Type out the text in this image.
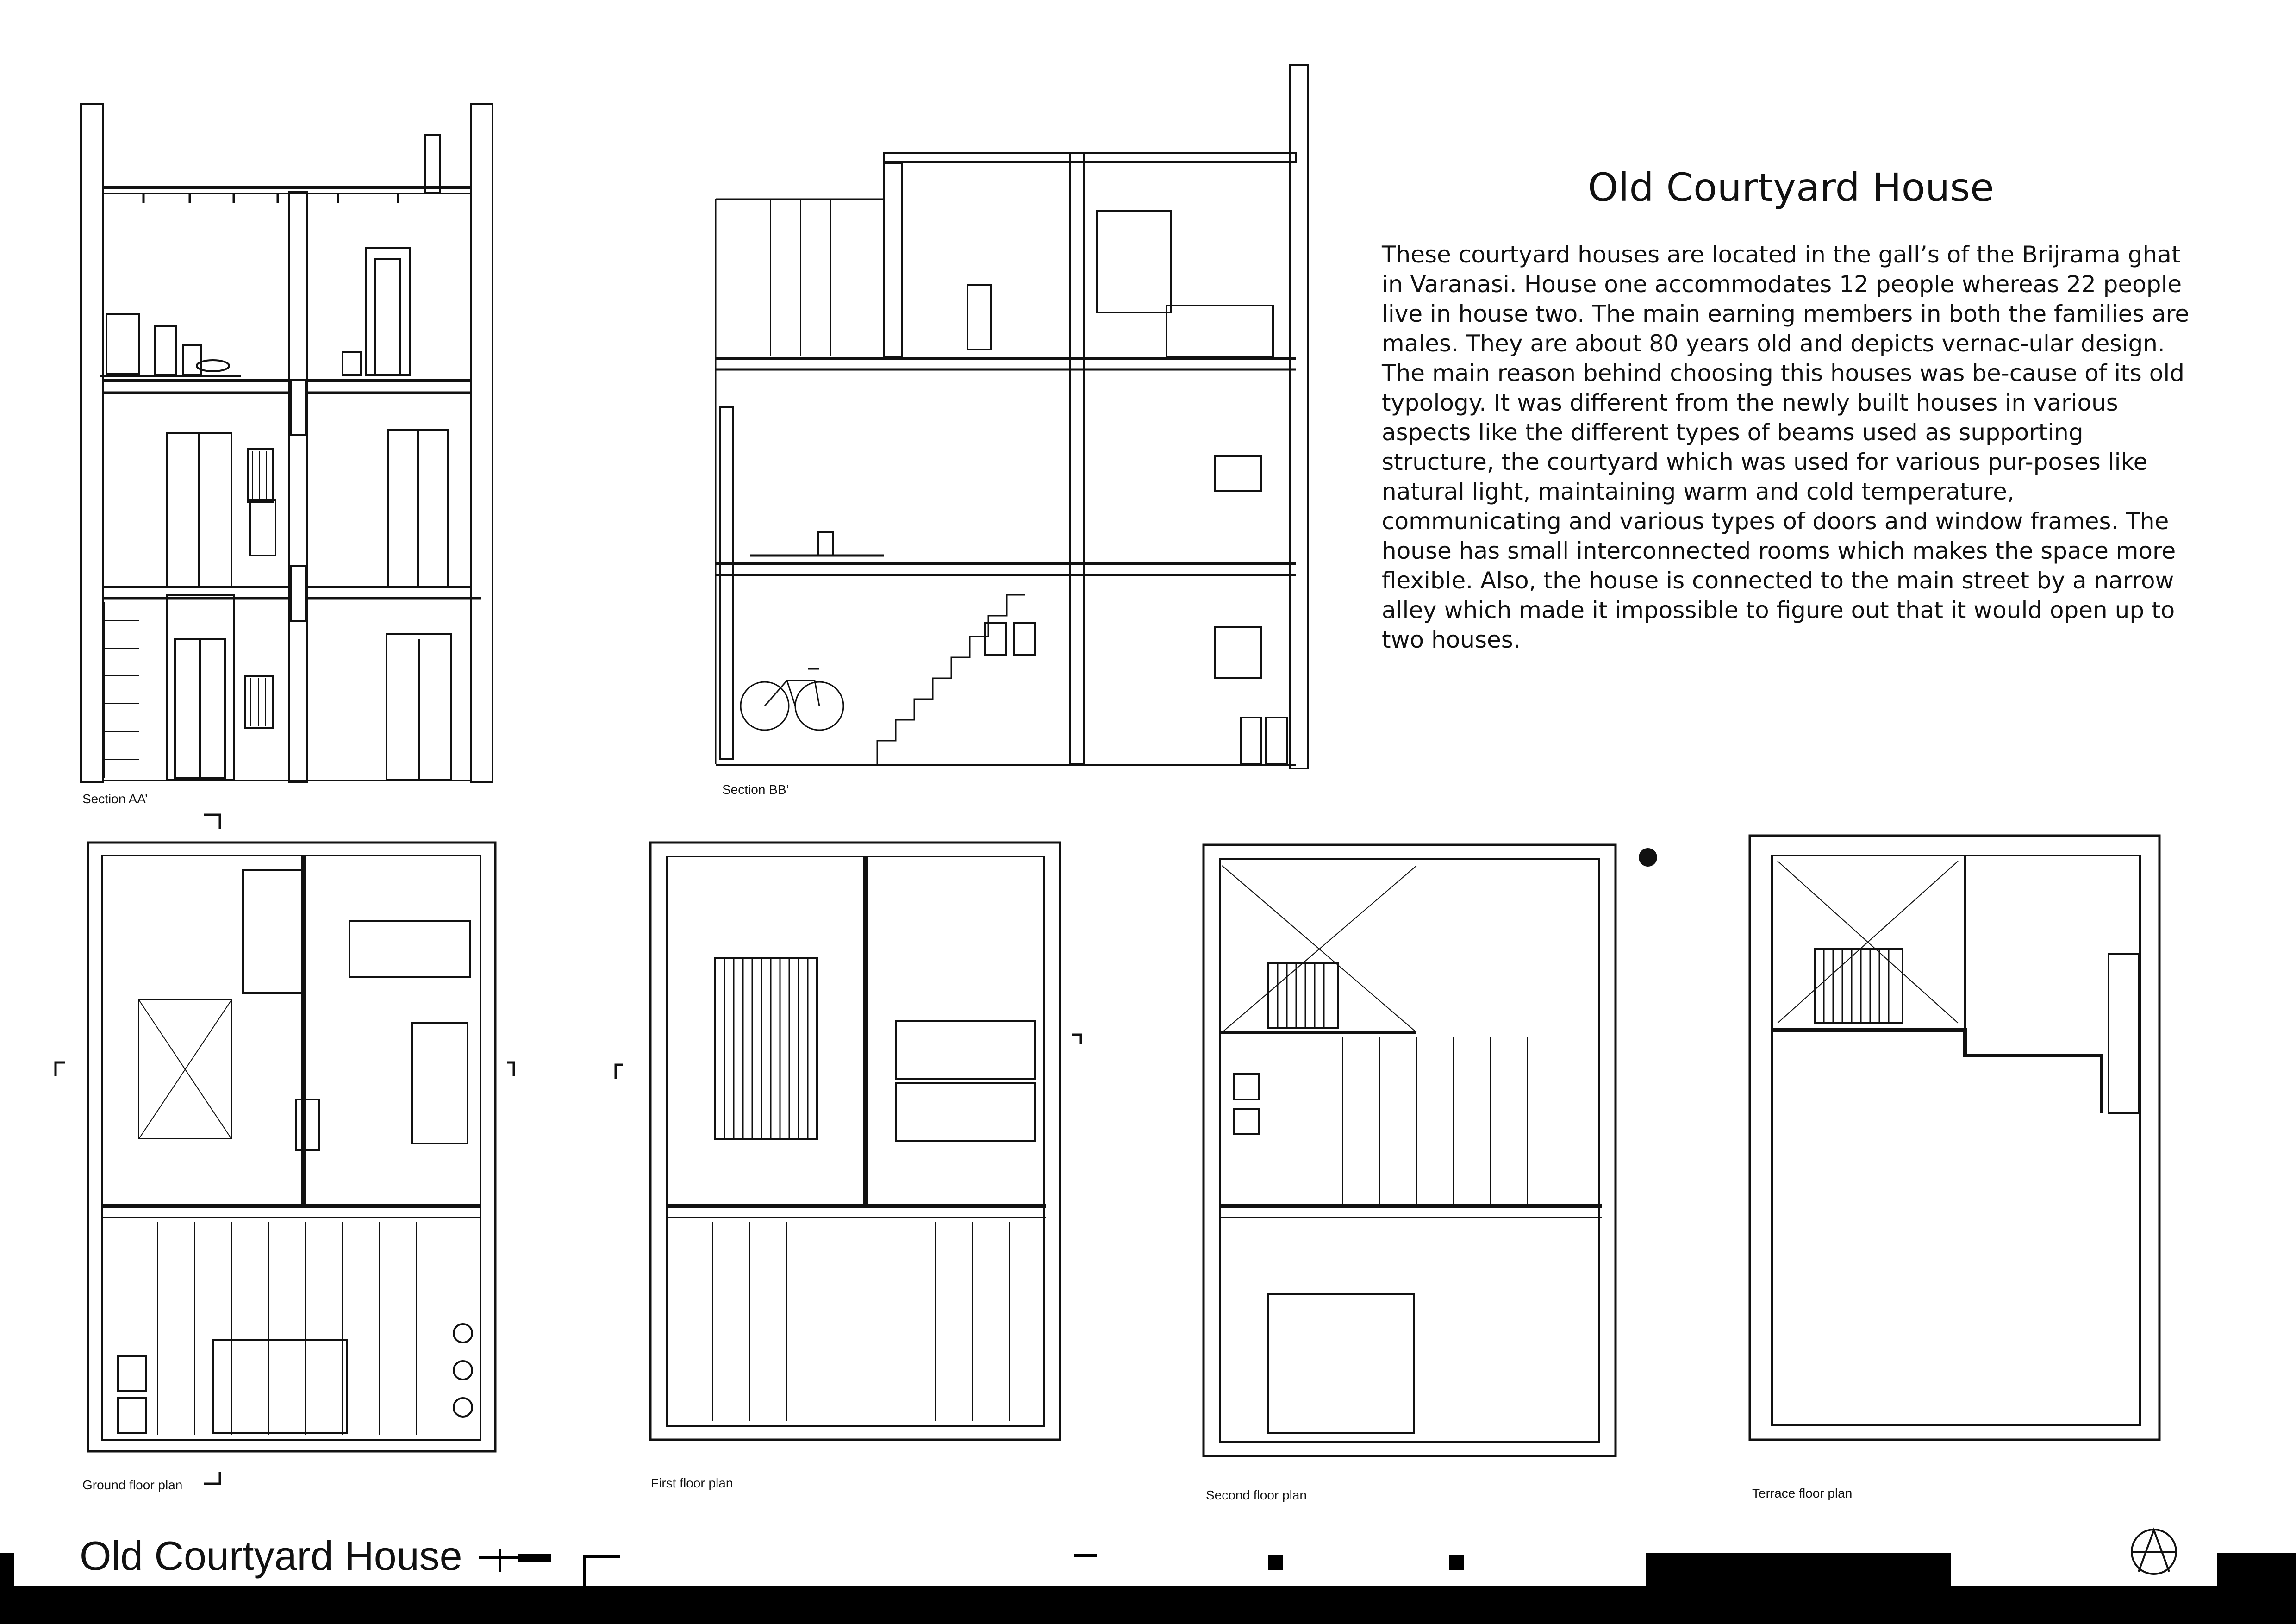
Old Courtyard House

These courtyard houses are located in the gall’s of the Brijrama ghat in Varanasi. House one accommodates 12 people whereas 22 people live in house two. The main earning members in both the families are males. They are about 80 years old and depicts vernac-ular design. The main reason behind choosing this houses was be-cause of its old typology. It was different from the newly built houses in various aspects like the different types of beams used as supporting structure, the courtyard which was used for various pur-poses like natural light, maintaining warm and cold temperature, communicating and various types of doors and window frames. The house has small interconnected rooms which makes the space more flexible. Also, the house is connected to the main street by a narrow alley which made it impossible to figure out that it would open up to two houses.

Section AA’
Section BB’
Ground floor plan	First floor plan
Second floor plan	Terrace floor plan
Old Courtyard House
